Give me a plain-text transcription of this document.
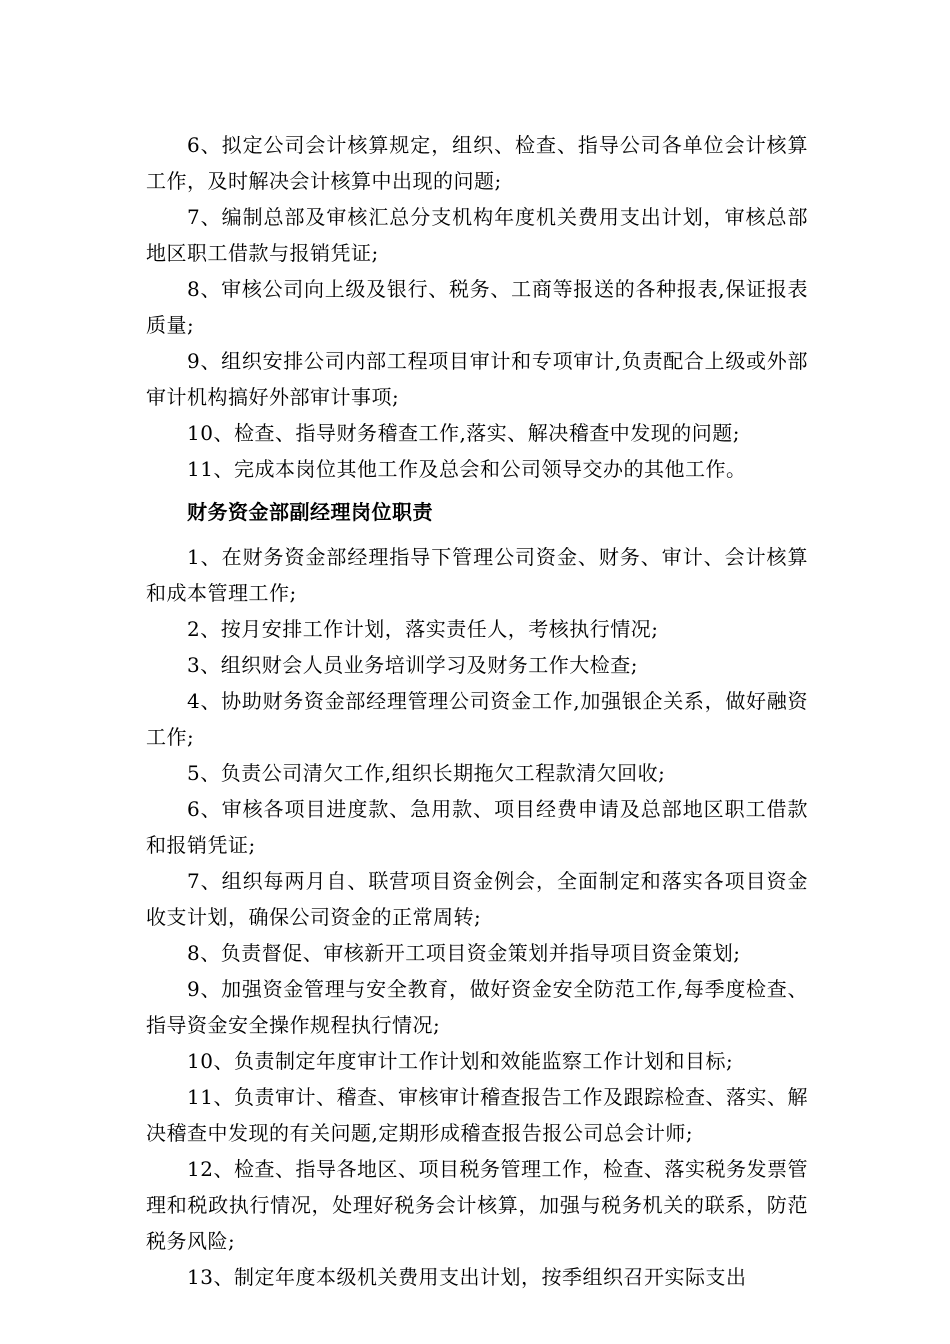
6、拟定公司会计核算规定，组织、检查、指导公司各单位会计核算工作，及时解决会计核算中出现的问题;

7、编制总部及审核汇总分支机构年度机关费用支出计划，审核总部地区职工借款与报销凭证;

8、审核公司向上级及银行、税务、工商等报送的各种报表,保证报表质量;

9、组织安排公司内部工程项目审计和专项审计,负责配合上级或外部审计机构搞好外部审计事项;

10、检查、指导财务稽查工作,落实、解决稽查中发现的问题;

11、完成本岗位其他工作及总会和公司领导交办的其他工作。

财务资金部副经理岗位职责

1、在财务资金部经理指导下管理公司资金、财务、审计、会计核算和成本管理工作;

2、按月安排工作计划，落实责任人，考核执行情况;

3、组织财会人员业务培训学习及财务工作大检查;

4、协助财务资金部经理管理公司资金工作,加强银企关系，做好融资工作;

5、负责公司清欠工作,组织长期拖欠工程款清欠回收;

6、审核各项目进度款、急用款、项目经费申请及总部地区职工借款和报销凭证;

7、组织每两月自、联营项目资金例会，全面制定和落实各项目资金收支计划，确保公司资金的正常周转;

8、负责督促、审核新开工项目资金策划并指导项目资金策划;

9、加强资金管理与安全教育，做好资金安全防范工作,每季度检查、指导资金安全操作规程执行情况;

10、负责制定年度审计工作计划和效能监察工作计划和目标;

11、负责审计、稽查、审核审计稽查报告工作及跟踪检查、落实、解决稽查中发现的有关问题,定期形成稽查报告报公司总会计师;

12、检查、指导各地区、项目税务管理工作，检查、落实税务发票管理和税政执行情况，处理好税务会计核算，加强与税务机关的联系，防范税务风险;

13、制定年度本级机关费用支出计划，按季组织召开实际支出
